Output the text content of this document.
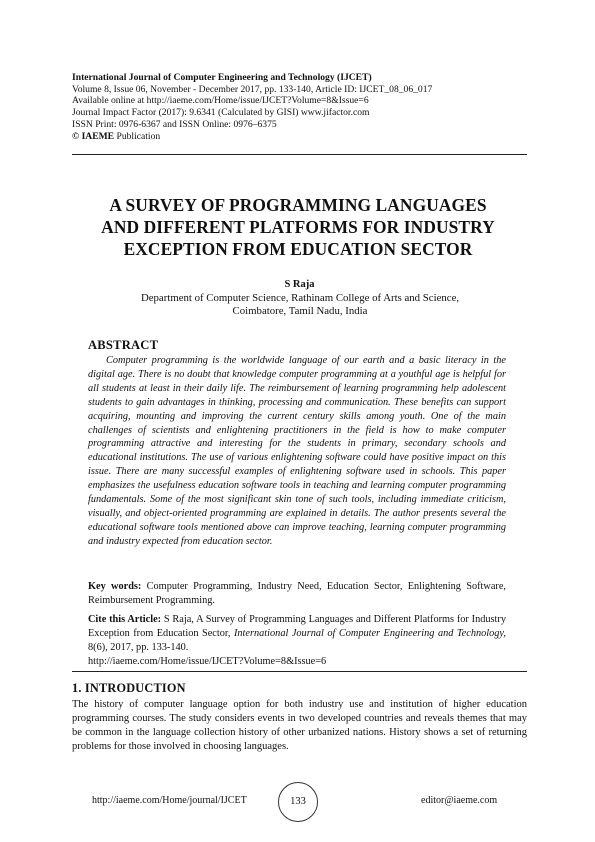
International Journal of Computer Engineering and Technology (IJCET)
Volume 8, Issue 06, November - December 2017, pp. 133-140, Article ID: IJCET_08_06_017
Available online at http://iaeme.com/Home/issue/IJCET?Volume=8&Issue=6
Journal Impact Factor (2017): 9.6341 (Calculated by GISI) www.jifactor.com
ISSN Print: 0976-6367 and ISSN Online: 0976–6375
© IAEME Publication
A SURVEY OF PROGRAMMING LANGUAGES
AND DIFFERENT PLATFORMS FOR INDUSTRY
EXCEPTION FROM EDUCATION SECTOR
S Raja
Department of Computer Science, Rathinam College of Arts and Science,
Coimbatore, Tamil Nadu, India
ABSTRACT
Computer programming is the worldwide language of our earth and a basic literacy in the digital age. There is no doubt that knowledge computer programming at a youthful age is helpful for all students at least in their daily life. The reimbursement of learning programming help adolescent students to gain advantages in thinking, processing and communication. These benefits can support acquiring, mounting and improving the current century skills among youth. One of the main challenges of scientists and enlightening practitioners in the field is how to make computer programming attractive and interesting for the students in primary, secondary schools and educational institutions. The use of various enlightening software could have positive impact on this issue. There are many successful examples of enlightening software used in schools. This paper emphasizes the usefulness education software tools in teaching and learning computer programming fundamentals. Some of the most significant skin tone of such tools, including immediate criticism, visually, and object-oriented programming are explained in details. The author presents several the educational software tools mentioned above can improve teaching, learning computer programming and industry expected from education sector.
Key words: Computer Programming, Industry Need, Education Sector, Enlightening Software, Reimbursement Programming.
Cite this Article: S Raja, A Survey of Programming Languages and Different Platforms for Industry Exception from Education Sector, International Journal of Computer Engineering and Technology, 8(6), 2017, pp. 133-140.
http://iaeme.com/Home/issue/IJCET?Volume=8&Issue=6
1. INTRODUCTION
The history of computer language option for both industry use and institution of higher education programming courses. The study considers events in two developed countries and reveals themes that may be common in the language collection history of other urbanized nations. History shows a set of returning problems for those involved in choosing languages.
http://iaeme.com/Home/journal/IJCET	133	editor@iaeme.com
